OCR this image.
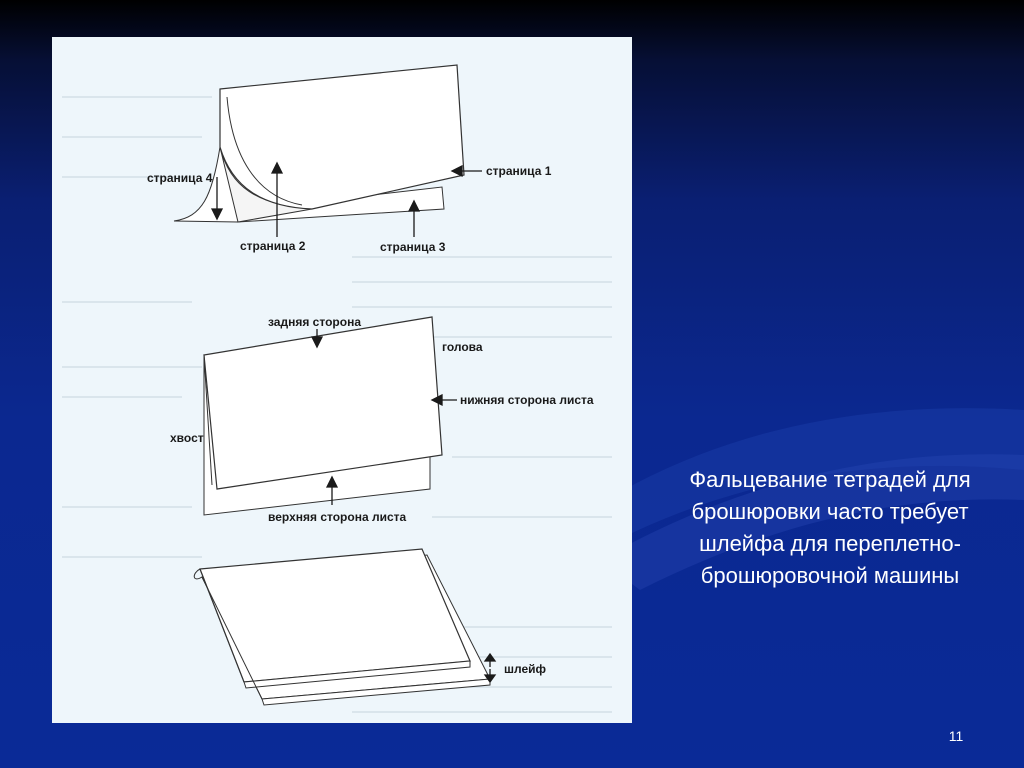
страница 4
страница 2	страница 3
страница 1
задняя сторона
голова
нижняя сторона листа
хвост
верхняя сторона листа
шлейф
Фальцевание тетрадей для брошюровки часто требует шлейфа для переплетно-брошюровочной машины
11
